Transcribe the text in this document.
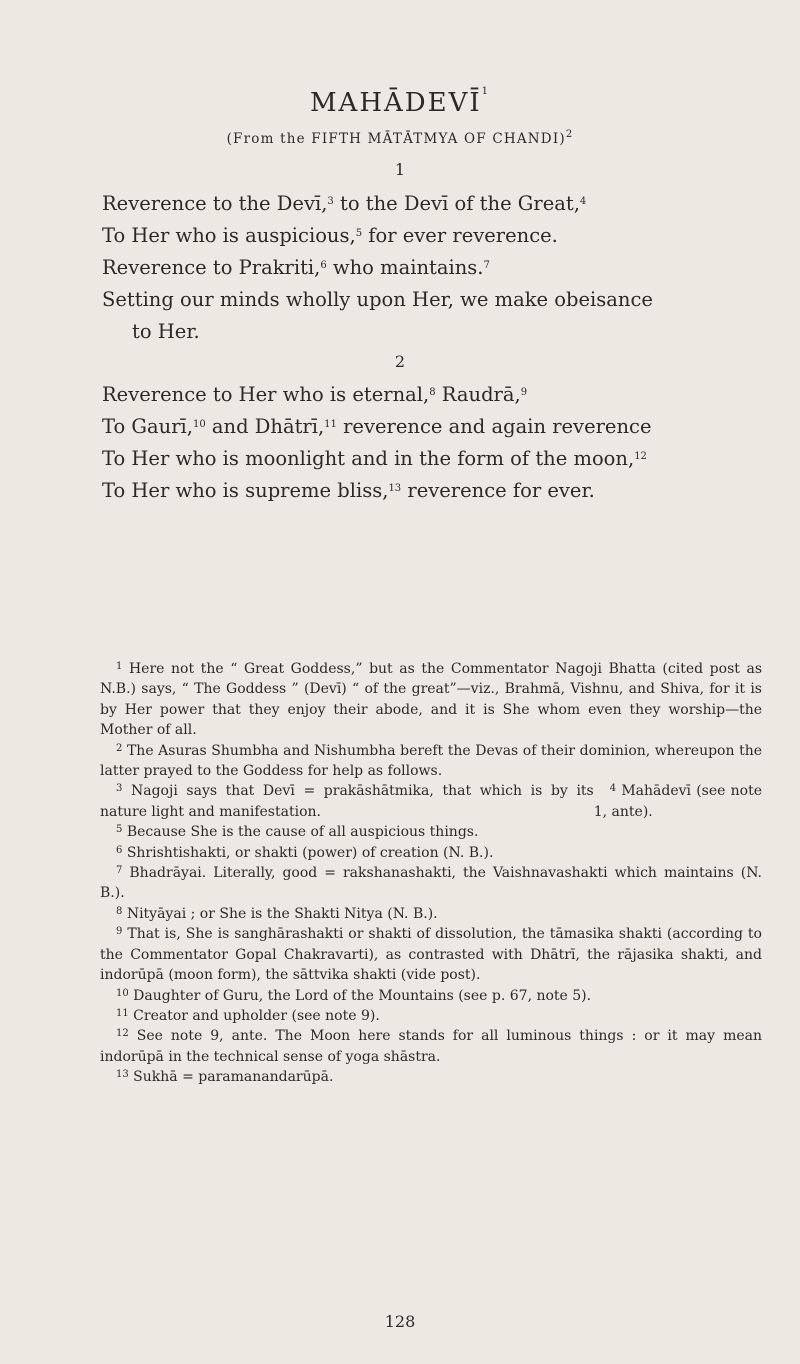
MAHĀDEVĪ$^1$
(From the FIFTH MĀTĀTMYA OF CHANDI)$^2$
1
Reverence to the Devī,$^3$ to the Devī of the Great,$^4$
To Her who is auspicious,$^5$ for ever reverence.
Reverence to Prakriti,$^6$ who maintains.$^7$
Setting our minds wholly upon Her, we make obeisance
to Her.
2
Reverence to Her who is eternal,$^8$ Raudrā,$^9$
To Gaurī,$^{10}$ and Dhātrī,$^{11}$ reverence and again reverence
To Her who is moonlight and in the form of the moon,$^{12}$
To Her who is supreme bliss,$^{13}$ reverence for ever.
$^1$ Here not the “ Great Goddess,” but as the Commentator Nagoji Bhatta (cited post as N.B.) says, “ The Goddess ” (Devī) “ of the great”—viz., Brahmā, Vishnu, and Shiva, for it is by Her power that they enjoy their abode, and it is She whom even they worship—the Mother of all.
$^2$ The Asuras Shumbha and Nishumbha bereft the Devas of their dominion, whereupon the latter prayed to the Goddess for help as follows.
$^3$ Nagoji says that Devī = prakāshātmika, that which is by its nature light and manifestation.
$^4$ Mahādevī (see note 1, ante).
$^5$ Because She is the cause of all auspicious things.
$^6$ Shrishtishakti, or shakti (power) of creation (N. B.).
$^7$ Bhadrāyai. Literally, good = rakshanashakti, the Vaishnavashakti which maintains (N. B.).
$^8$ Nityāyai ; or She is the Shakti Nitya (N. B.).
$^9$ That is, She is sanghārashakti or shakti of dissolution, the tāmasika shakti (according to the Commentator Gopal Chakravarti), as contrasted with Dhātrī, the rājasika shakti, and indorūpā (moon form), the sāttvika shakti (vide post).
$^{10}$ Daughter of Guru, the Lord of the Mountains (see p. 67, note 5).
$^{11}$ Creator and upholder (see note 9).
$^{12}$ See note 9, ante. The Moon here stands for all luminous things : or it may mean indorūpā in the technical sense of yoga shāstra.
$^{13}$ Sukhā = paramanandarūpā.
128
